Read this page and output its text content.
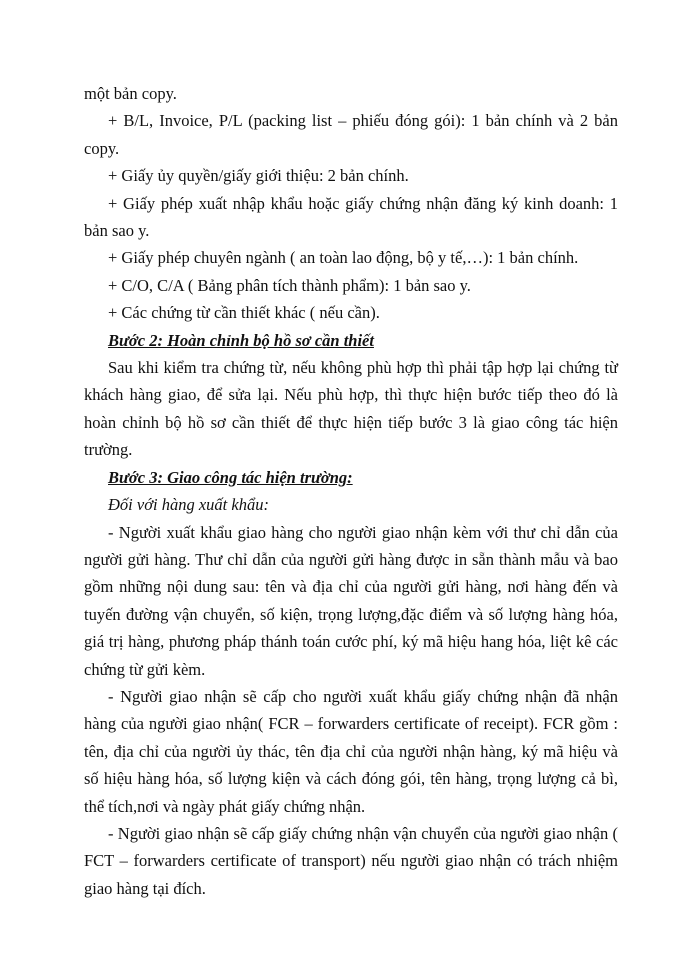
một bản copy.

+ B/L, Invoice, P/L (packing list – phiếu đóng gói): 1 bản chính và 2 bản copy.

+ Giấy ủy quyền/giấy giới thiệu: 2 bản chính.

+ Giấy phép xuất nhập khẩu hoặc giấy chứng nhận đăng ký kinh doanh: 1 bản sao y.

+ Giấy phép chuyên ngành ( an toàn lao động, bộ y tế,…): 1 bản chính.

+ C/O, C/A ( Bảng phân tích thành phẩm): 1 bản sao y.

+ Các chứng từ cần thiết khác ( nếu cần).

Bước 2: Hoàn chỉnh bộ hồ sơ cần thiết

Sau khi kiểm tra chứng từ, nếu không phù hợp thì phải tập hợp lại chứng từ khách hàng giao, để sửa lại. Nếu phù hợp, thì thực hiện bước tiếp theo đó là hoàn chỉnh bộ hồ sơ cần thiết để thực hiện tiếp bước 3 là giao công tác hiện trường.

Bước 3: Giao công tác hiện trường:

Đối với hàng xuất khẩu:

- Người xuất khẩu giao hàng cho người giao nhận kèm với thư chỉ dẫn của người gửi hàng. Thư chỉ dẫn của người gửi hàng được in sẵn thành mẫu và bao gồm những nội dung sau: tên và địa chỉ của người gửi hàng, nơi hàng đến và tuyến đường vận chuyển, số kiện, trọng lượng,đặc điểm và số lượng hàng hóa, giá trị hàng, phương pháp thánh toán cước phí, ký mã hiệu hang hóa, liệt kê các chứng từ gửi kèm.

- Người giao nhận sẽ cấp cho người xuất khẩu giấy chứng nhận đã nhận hàng của người giao nhận( FCR – forwarders certificate of receipt). FCR gồm : tên, địa chỉ của người ủy thác, tên địa chỉ của người nhận hàng, ký mã hiệu và số hiệu hàng hóa, số lượng kiện và cách đóng gói, tên hàng, trọng lượng cả bì, thể tích,nơi và ngày phát giấy chứng nhận.

- Người giao nhận sẽ cấp giấy chứng nhận vận chuyển của người giao nhận ( FCT – forwarders certificate of transport) nếu người giao nhận có trách nhiệm giao hàng tại đích.
